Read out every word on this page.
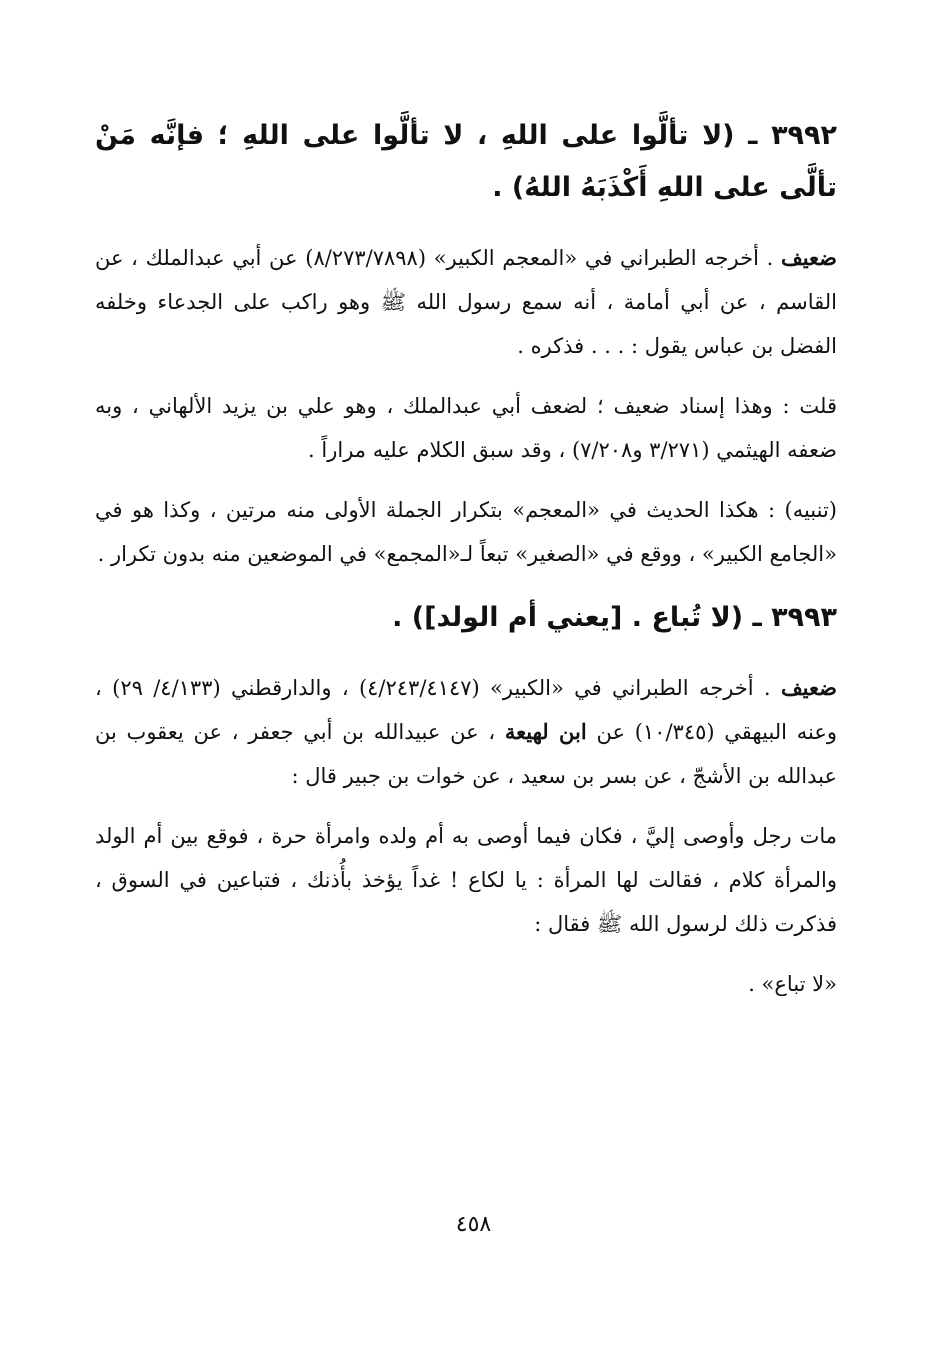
٣٩٩٢ ـ (لا تألَّوا على اللهِ ، لا تألَّوا على اللهِ ؛ فإنَّه مَنْ تألَّى على اللهِ أَكْذَبَهُ اللهُ) .

ضعيف . أخرجه الطبراني في «المعجم الكبير» (٨/٢٧٣/٧٨٩٨) عن أبي عبدالملك ، عن القاسم ، عن أبي أمامة ، أنه سمع رسول الله ﷺ وهو راكب على الجدعاء وخلفه الفضل بن عباس يقول : . . . فذكره .

قلت : وهذا إسناد ضعيف ؛ لضعف أبي عبدالملك ، وهو علي بن يزيد الألهاني ، وبه ضعفه الهيثمي (٣/٢٧١ و٧/٢٠٨) ، وقد سبق الكلام عليه مراراً .

(تنبيه) : هكذا الحديث في «المعجم» بتكرار الجملة الأولى منه مرتين ، وكذا هو في «الجامع الكبير» ، ووقع في «الصغير» تبعاً لـ«المجمع» في الموضعين منه بدون تكرار .

٣٩٩٣ ـ (لا تُباع . [يعني أم الولد]) .

ضعيف . أخرجه الطبراني في «الكبير» (٤/٢٤٣/٤١٤٧) ، والدارقطني (٤/١٣٣/ ٢٩) ، وعنه البيهقي (١٠/٣٤٥) عن ابن لهيعة ، عن عبيدالله بن أبي جعفر ، عن يعقوب بن عبدالله بن الأشجّ ، عن بسر بن سعيد ، عن خوات بن جبير قال :

مات رجل وأوصى إليَّ ، فكان فيما أوصى به أم ولده وامرأة حرة ، فوقع بين أم الولد والمرأة كلام ، فقالت لها المرأة : يا لكاع ! غداً يؤخذ بأُذنك ، فتباعين في السوق ، فذكرت ذلك لرسول الله ﷺ فقال :

«لا تباع» .

٤٥٨
